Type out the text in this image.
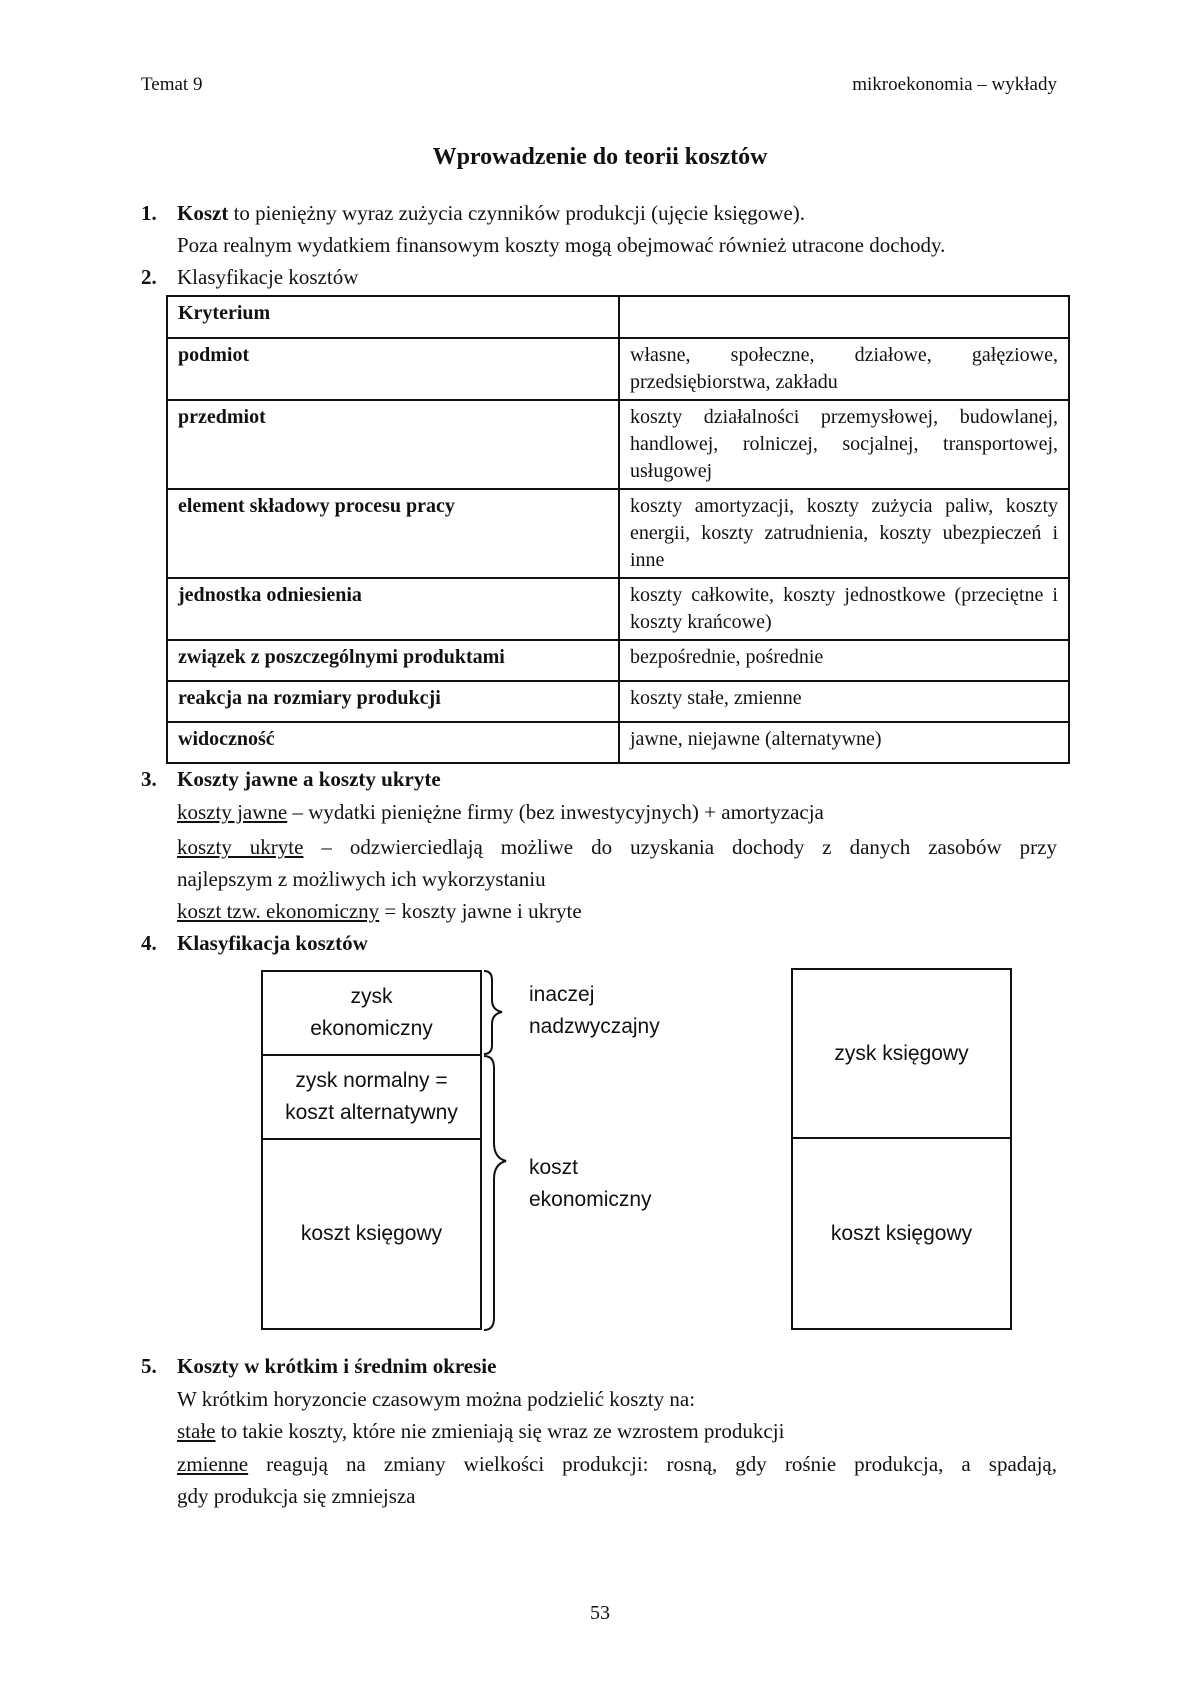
Temat 9	mikroekonomia – wykłady
Wprowadzenie do teorii kosztów
1. Koszt to pieniężny wyraz zużycia czynników produkcji (ujęcie księgowe).
Poza realnym wydatkiem finansowym koszty mogą obejmować również utracone dochody.
2. Klasyfikacje kosztów
Kryterium	
podmiot	własne, społeczne, działowe, gałęziowe, przedsiębiorstwa, zakładu
przedmiot	koszty działalności przemysłowej, budowlanej, handlowej, rolniczej, socjalnej, transportowej, usługowej
element składowy procesu pracy	koszty amortyzacji, koszty zużycia paliw, koszty energii, koszty zatrudnienia, koszty ubezpieczeń i inne
jednostka odniesienia	koszty całkowite, koszty jednostkowe (przeciętne i koszty krańcowe)
związek z poszczególnymi produktami	bezpośrednie, pośrednie
reakcja na rozmiary produkcji	koszty stałe, zmienne
widoczność	jawne, niejawne (alternatywne)
3. Koszty jawne a koszty ukryte
koszty jawne – wydatki pieniężne firmy (bez inwestycyjnych) + amortyzacja
koszty ukryte – odzwierciedlają możliwe do uzyskania dochody z danych zasobów przy
najlepszym z możliwych ich wykorzystaniu
koszt tzw. ekonomiczny = koszty jawne i ukryte
4. Klasyfikacja kosztów
zysk
ekonomiczny
zysk normalny =
koszt alternatywny
koszt księgowy
inaczej
nadzwyczajny
koszt
ekonomiczny
zysk księgowy
koszt księgowy
5. Koszty w krótkim i średnim okresie
W krótkim horyzoncie czasowym można podzielić koszty na:
stałe to takie koszty, które nie zmieniają się wraz ze wzrostem produkcji
zmienne reagują na zmiany wielkości produkcji: rosną, gdy rośnie produkcja, a spadają,
gdy produkcja się zmniejsza
53
